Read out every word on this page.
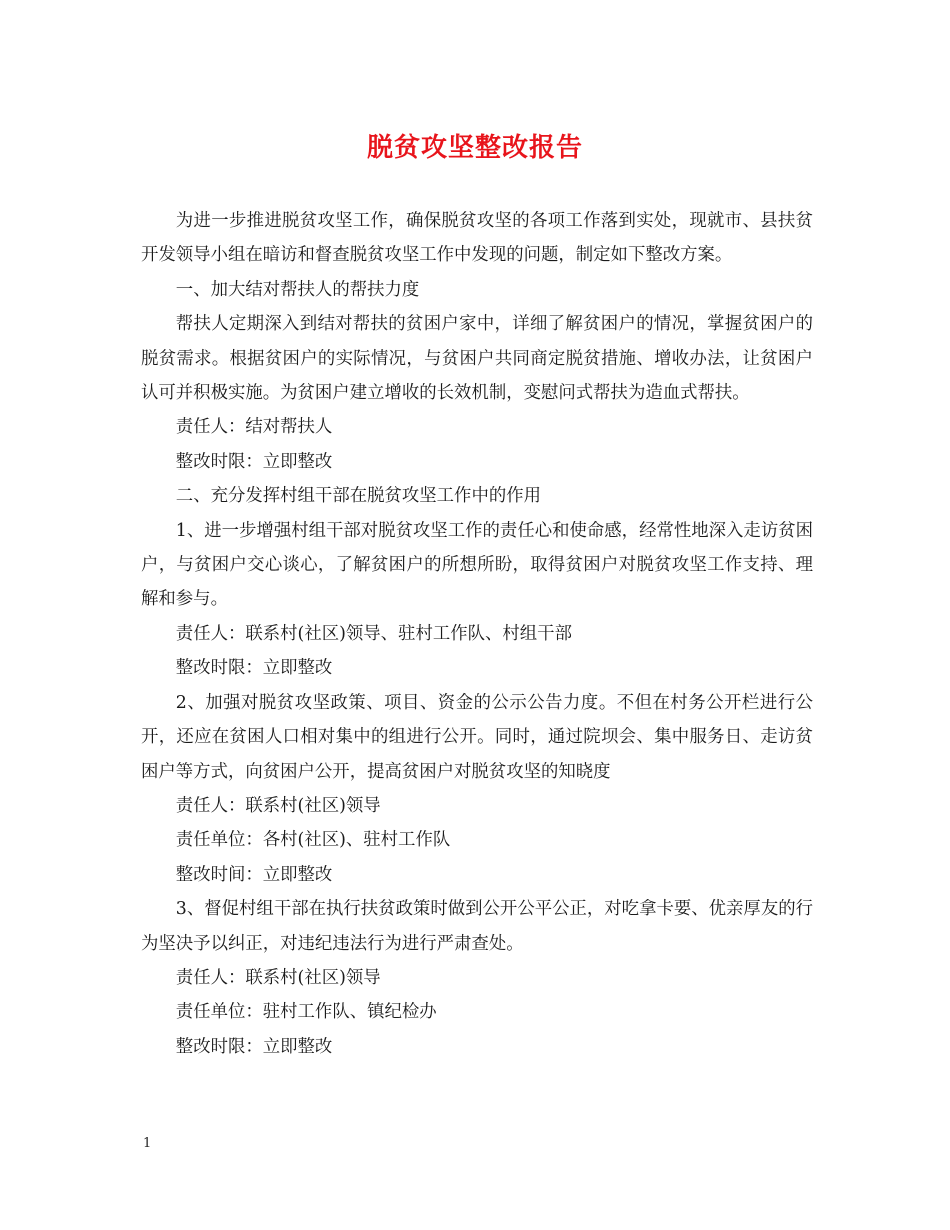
脱贫攻坚整改报告

为进一步推进脱贫攻坚工作，确保脱贫攻坚的各项工作落到实处，现就市、县扶贫开发领导小组在暗访和督查脱贫攻坚工作中发现的问题，制定如下整改方案。

一、加大结对帮扶人的帮扶力度

帮扶人定期深入到结对帮扶的贫困户家中，详细了解贫困户的情况，掌握贫困户的脱贫需求。根据贫困户的实际情况，与贫困户共同商定脱贫措施、增收办法，让贫困户认可并积极实施。为贫困户建立增收的长效机制，变慰问式帮扶为造血式帮扶。

责任人：结对帮扶人

整改时限：立即整改

二、充分发挥村组干部在脱贫攻坚工作中的作用

1、进一步增强村组干部对脱贫攻坚工作的责任心和使命感，经常性地深入走访贫困户，与贫困户交心谈心，了解贫困户的所想所盼，取得贫困户对脱贫攻坚工作支持、理解和参与。

责任人：联系村(社区)领导、驻村工作队、村组干部

整改时限：立即整改

2、加强对脱贫攻坚政策、项目、资金的公示公告力度。不但在村务公开栏进行公开，还应在贫困人口相对集中的组进行公开。同时，通过院坝会、集中服务日、走访贫困户等方式，向贫困户公开，提高贫困户对脱贫攻坚的知晓度

责任人：联系村(社区)领导

责任单位：各村(社区)、驻村工作队

整改时间：立即整改

3、督促村组干部在执行扶贫政策时做到公开公平公正，对吃拿卡要、优亲厚友的行为坚决予以纠正，对违纪违法行为进行严肃查处。

责任人：联系村(社区)领导

责任单位：驻村工作队、镇纪检办

整改时限：立即整改

1
